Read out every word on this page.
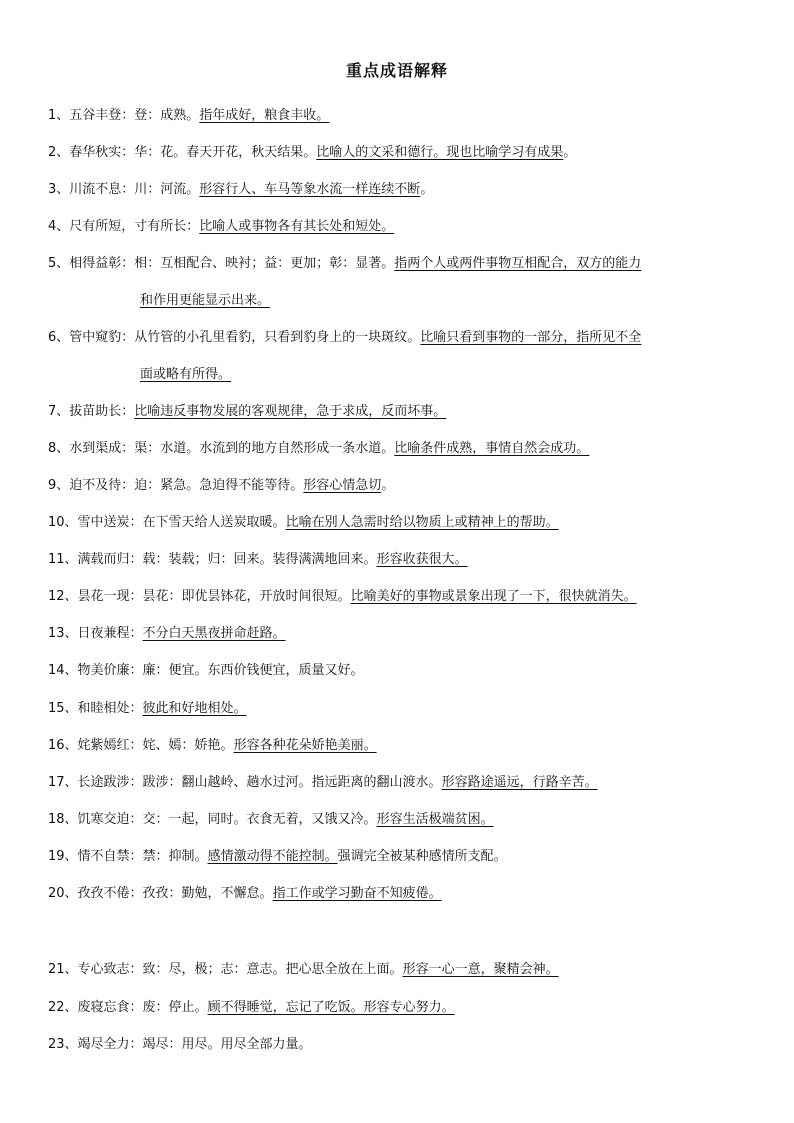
重点成语解释
1、五谷丰登：登：成熟。指年成好，粮食丰收。
2、春华秋实：华：花。春天开花，秋天结果。比喻人的文采和德行。现也比喻学习有成果。
3、川流不息：川：河流。形容行人、车马等象水流一样连续不断。
4、尺有所短，寸有所长：比喻人或事物各有其长处和短处。
5、相得益彰：相：互相配合、映衬；益：更加；彰：显著。指两个人或两件事物互相配合，双方的能力
和作用更能显示出来。
6、管中窥豹：从竹管的小孔里看豹，只看到豹身上的一块斑纹。比喻只看到事物的一部分，指所见不全
面或略有所得。
7、拔苗助长：比喻违反事物发展的客观规律，急于求成，反而坏事。
8、水到渠成：渠：水道。水流到的地方自然形成一条水道。比喻条件成熟，事情自然会成功。
9、迫不及待：迫：紧急。急迫得不能等待。形容心情急切。
10、雪中送炭：在下雪天给人送炭取暖。比喻在别人急需时给以物质上或精神上的帮助。
11、满载而归：载：装载；归：回来。装得满满地回来。形容收获很大。
12、昙花一现：昙花：即优昙钵花，开放时间很短。比喻美好的事物或景象出现了一下，很快就消失。
13、日夜兼程：不分白天黑夜拼命赶路。
14、物美价廉：廉：便宜。东西价钱便宜，质量又好。
15、和睦相处：彼此和好地相处。
16、姹紫嫣红：姹、嫣：娇艳。形容各种花朵娇艳美丽。
17、长途跋涉：跋涉：翻山越岭、趟水过河。指远距离的翻山渡水。形容路途遥远，行路辛苦。
18、饥寒交迫：交：一起，同时。衣食无着，又饿又冷。形容生活极端贫困。
19、情不自禁：禁：抑制。感情激动得不能控制。强调完全被某种感情所支配。
20、孜孜不倦：孜孜：勤勉，不懈怠。指工作或学习勤奋不知疲倦。
21、专心致志：致：尽，极；志：意志。把心思全放在上面。形容一心一意，聚精会神。
22、废寝忘食：废：停止。顾不得睡觉，忘记了吃饭。形容专心努力。
23、竭尽全力：竭尽：用尽。用尽全部力量。
